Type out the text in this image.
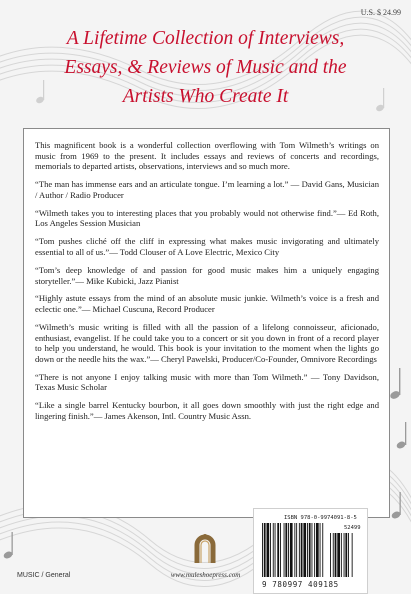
U.S. $ 24.99
A Lifetime Collection of Interviews,
Essays, & Reviews of Music and the
Artists Who Create It

This magnificent book is a wonderful collection overflowing with Tom Wilmeth’s writings on music from 1969 to the present. It includes essays and reviews of concerts and recordings, memorials to departed artists, observations, interviews and so much more.

“The man has immense ears and an articulate tongue. I’m learning a lot.” — David Gans, Musician / Author / Radio Producer

“Wilmeth takes you to interesting places that you probably would not otherwise find.”— Ed Roth, Los Angeles Session Musician

“Tom pushes cliché off the cliff in expressing what makes music invigorating and ultimately essential to all of us.”— Todd Clouser of A Love Electric, Mexico City

“Tom’s deep knowledge of and passion for good music makes him a uniquely engaging storyteller.”— Mike Kubicki, Jazz Pianist

“Highly astute essays from the mind of an absolute music junkie. Wilmeth’s voice is a fresh and eclectic one.”— Michael Cuscuna, Record Producer

“Wilmeth’s music writing is filled with all the passion of a lifelong connoisseur, aficionado, enthusiast, evangelist. If he could take you to a concert or sit you down in front of a record player to help you understand, he would. This book is your invitation to the moment when the lights go down or the needle hits the wax.”— Cheryl Pawelski, Producer/Co-Founder, Omnivore Recordings

“There is not anyone I enjoy talking music with more than Tom Wilmeth.” — Tony Davidson, Texas Music Scholar

“Like a single barrel Kentucky bourbon, it all goes down smoothly with just the right edge and lingering finish.”— James Akenson, Intl. Country Music Assn.

www.muleshoepress.com
MUSIC / General
ISBN 978-0-9974091-8-5
52499
9 780997 409185
